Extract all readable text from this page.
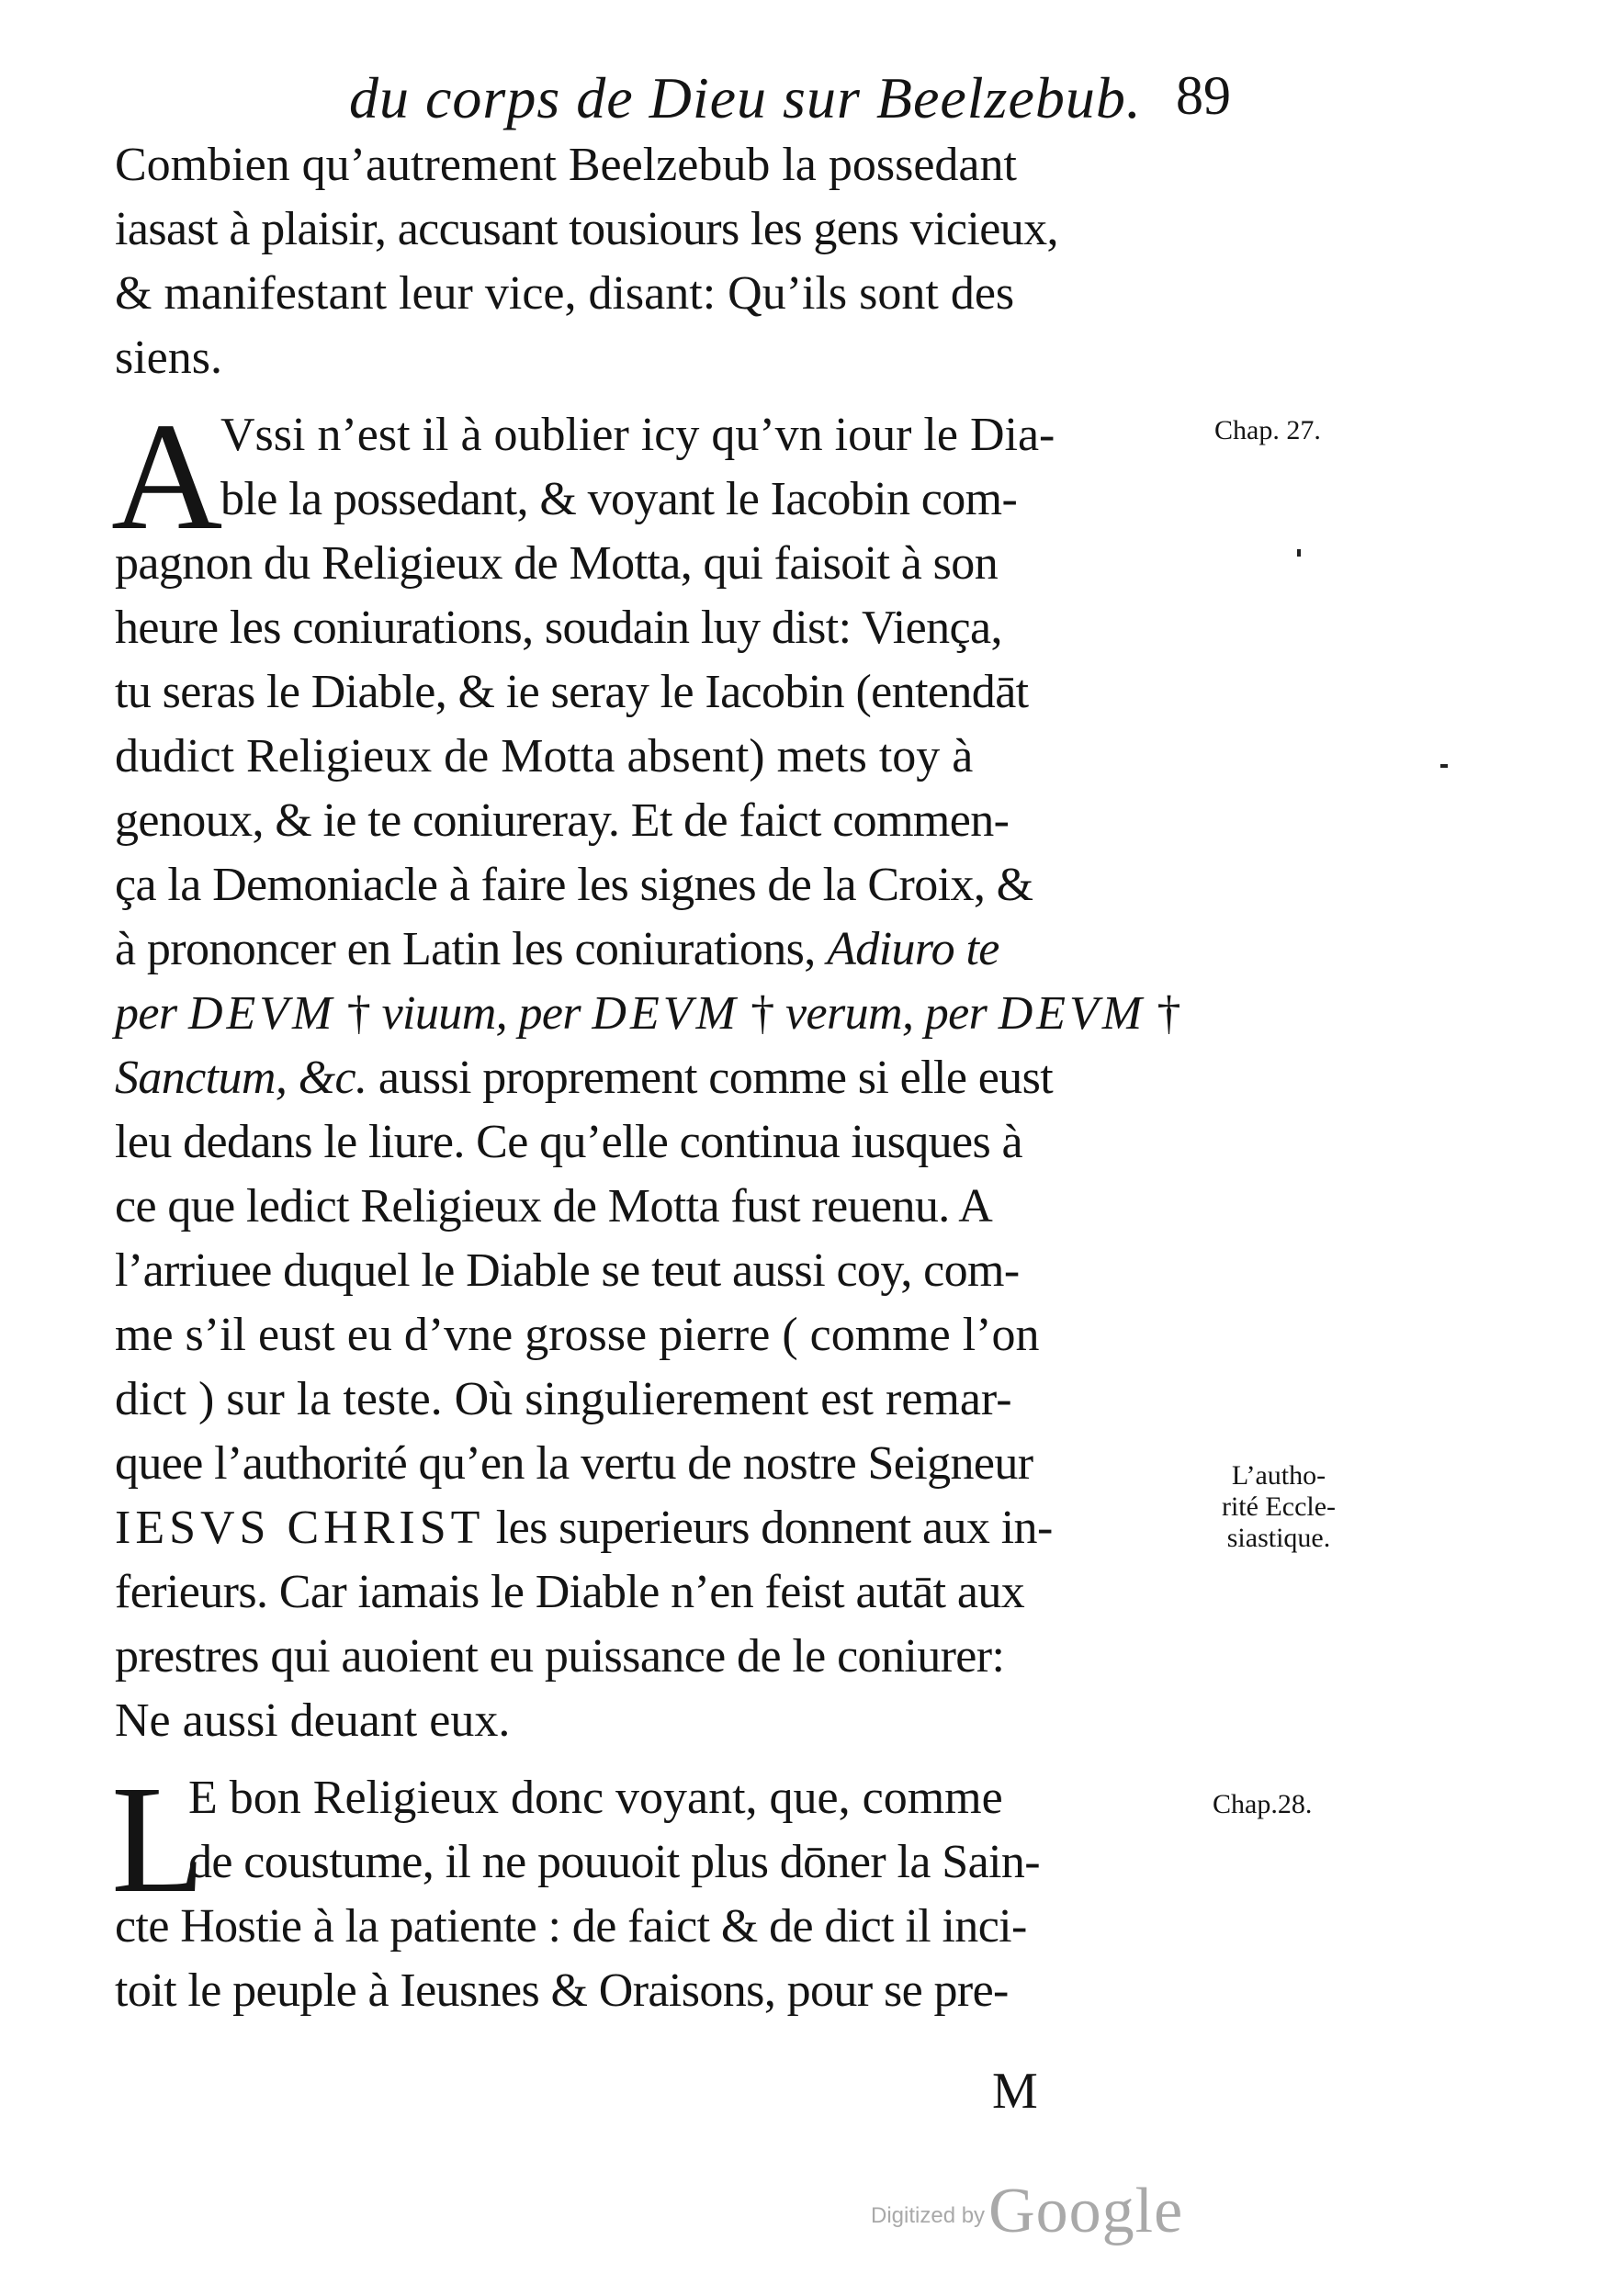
du corps de Dieu sur Beelzebub. 89
Combien qu’autrement Beelzebub la possedant
iasast à plaisir, accusant tousiours les gens vicieux,
& manifestant leur vice, disant: Qu’ils sont des
siens.
A
Vssi n’est il à oublier icy qu’vn iour le Dia-
ble la possedant, & voyant le Iacobin com-
pagnon du Religieux de Motta, qui faisoit à son
heure les coniurations, soudain luy dist: Viença,
tu seras le Diable, & ie seray le Iacobin (entendāt
dudict Religieux de Motta absent) mets toy à
genoux, & ie te coniureray. Et de faict commen-
ça la Demoniacle à faire les signes de la Croix, &
à prononcer en Latin les coniurations, Adiuro te
per DEVM † viuum, per DEVM † verum, per DEVM †
Sanctum, &c. aussi proprement comme si elle eust
leu dedans le liure. Ce qu’elle continua iusques à
ce que ledict Religieux de Motta fust reuenu. A
l’arriuee duquel le Diable se teut aussi coy, com-
me s’il eust eu d’vne grosse pierre ( comme l’on
dict ) sur la teste. Où singulierement est remar-
quee l’authorité qu’en la vertu de nostre Seigneur
IESVS CHRIST les superieurs donnent aux in-
ferieurs. Car iamais le Diable n’en feist autāt aux
prestres qui auoient eu puissance de le coniurer:
Ne aussi deuant eux.
L
E bon Religieux donc voyant, que, comme
de coustume, il ne pouuoit plus dōner la Sain-
cte Hostie à la patiente : de faict & de dict il inci-
toit le peuple à Ieusnes & Oraisons, pour se pre-
Chap. 27.
L’autho-
rité Eccle-
siastique.
Chap.28.
M
Digitized by Google
